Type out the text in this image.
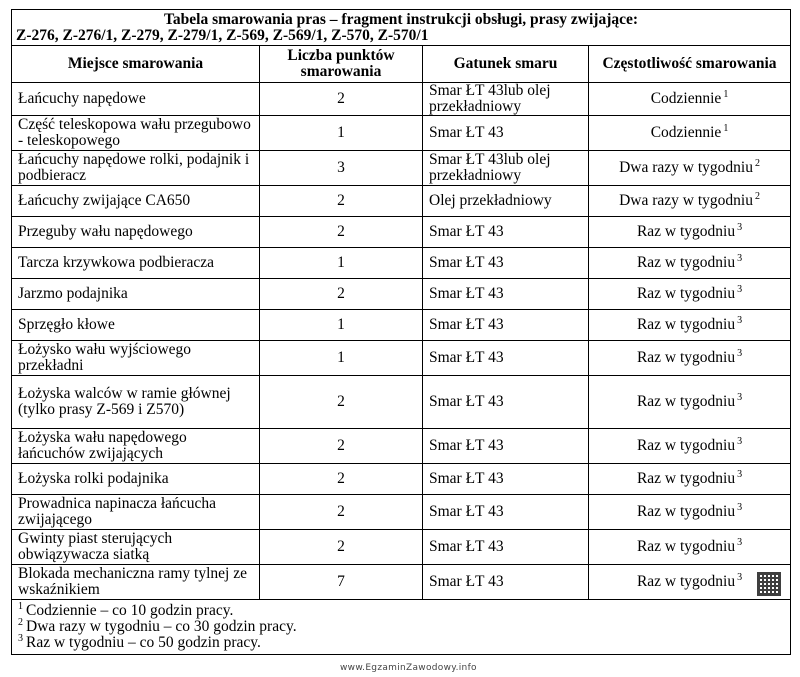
Tabela smarowania pras – fragment instrukcji obsługi, prasy zwijające:
Z-276, Z-276/1, Z-279, Z-279/1, Z-569, Z-569/1, Z-570, Z-570/1			

Miejsce smarowania	Liczba punktów smarowania	Gatunek smaru	Częstotliwość smarowania
Łańcuchy napędowe	2	Smar ŁT 43lub olej przekładniowy	Codziennie $^1$
Część teleskopowa wału przegubowo - teleskopowego	1	Smar ŁT 43	Codziennie $^1$
Łańcuchy napędowe rolki, podajnik i podbieracz	3	Smar ŁT 43lub olej przekładniowy	Dwa razy w tygodniu $^2$
Łańcuchy zwijające CA650	2	Olej przekładniowy	Dwa razy w tygodniu $^2$
Przeguby wału napędowego	2	Smar ŁT 43	Raz w tygodniu $^3$
Tarcza krzywkowa podbieracza	1	Smar ŁT 43	Raz w tygodniu $^3$
Jarzmo podajnika	2	Smar ŁT 43	Raz w tygodniu $^3$
Sprzęgło kłowe	1	Smar ŁT 43	Raz w tygodniu $^3$
Łożysko wału wyjściowego przekładni	1	Smar ŁT 43	Raz w tygodniu $^3$
Łożyska walców w ramie głównej (tylko prasy Z-569 i Z570)	2	Smar ŁT 43	Raz w tygodniu $^3$
Łożyska wału napędowego łańcuchów zwijających	2	Smar ŁT 43	Raz w tygodniu $^3$
Łożyska rolki podajnika	2	Smar ŁT 43	Raz w tygodniu $^3$
Prowadnica napinacza łańcucha zwijającego	2	Smar ŁT 43	Raz w tygodniu $^3$
Gwinty piast sterujących obwiązywacza siatką	2	Smar ŁT 43	Raz w tygodniu $^3$
Blokada mechaniczna ramy tylnej ze wskaźnikiem	7	Smar ŁT 43	Raz w tygodniu $^3$

$^1$ Codziennie – co 10 godzin pracy.
$^2$ Dwa razy w tygodniu – co 30 godzin pracy.
$^3$ Raz w tygodniu – co 50 godzin pracy.			
www.EgzaminZawodowy.info
